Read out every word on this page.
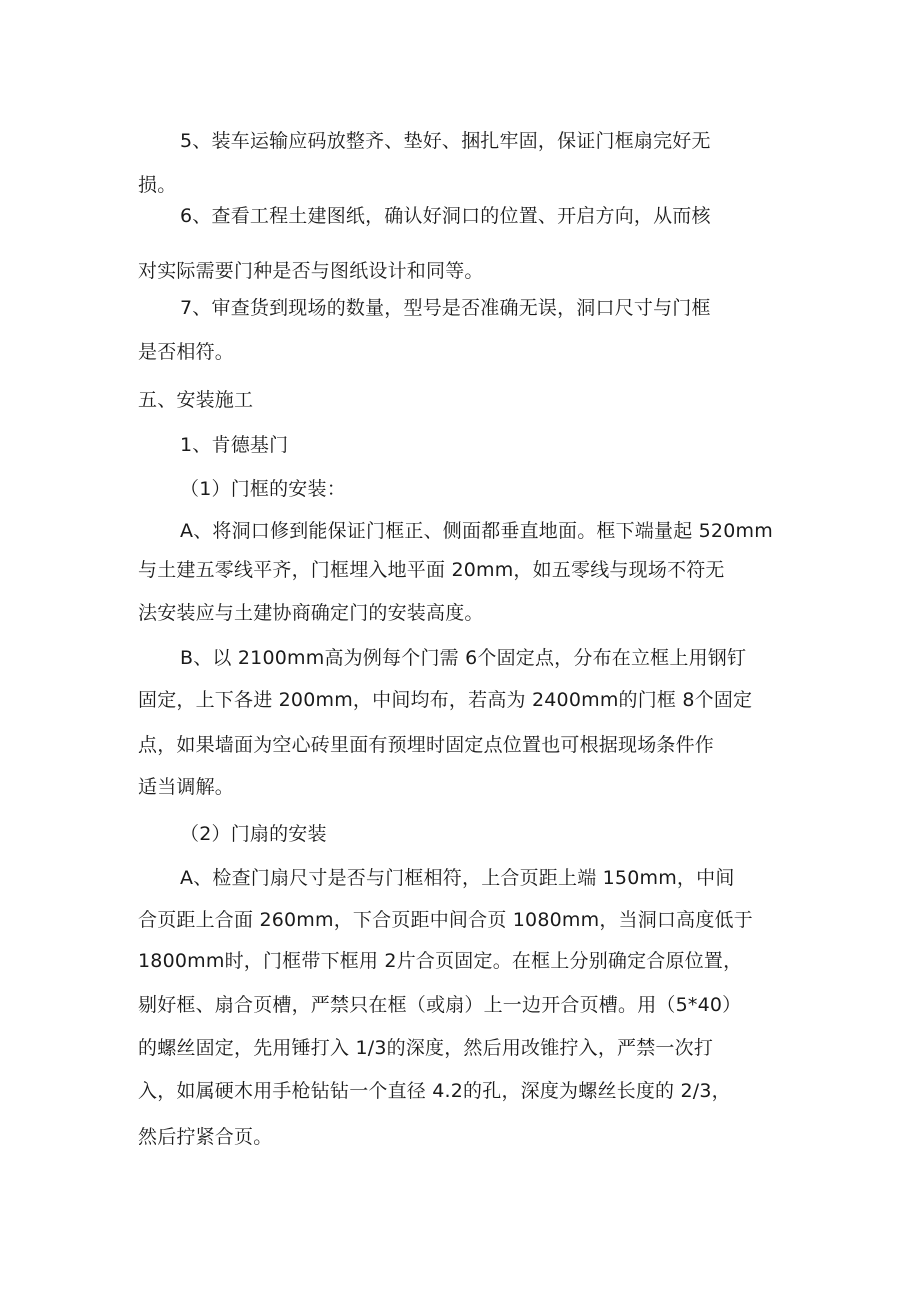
5、装车运输应码放整齐、垫好、捆扎牢固，保证门框扇完好无
损。
6、查看工程土建图纸，确认好洞口的位置、开启方向，从而核
对实际需要门种是否与图纸设计和同等。
7、审查货到现场的数量，型号是否准确无误，洞口尺寸与门框
是否相符。
五、安装施工
1、肯德基门
（1）门框的安装：
A、将洞口修到能保证门框正、侧面都垂直地面。框下端量起 520mm
与土建五零线平齐，门框埋入地平面 20mm，如五零线与现场不符无
法安装应与土建协商确定门的安装高度。
B、以 2100mm高为例每个门需 6个固定点，分布在立框上用钢钉
固定，上下各进 200mm，中间均布，若高为 2400mm的门框 8个固定
点，如果墙面为空心砖里面有预埋时固定点位置也可根据现场条件作
适当调解。
（2）门扇的安装
A、检查门扇尺寸是否与门框相符，上合页距上端 150mm，中间
合页距上合面 260mm，下合页距中间合页 1080mm，当洞口高度低于
1800mm时，门框带下框用 2片合页固定。在框上分别确定合原位置，
剔好框、扇合页槽，严禁只在框（或扇）上一边开合页槽。用（5*40）
的螺丝固定，先用锤打入 1/3的深度，然后用改锥拧入，严禁一次打
入，如属硬木用手枪钻钻一个直径 4.2的孔，深度为螺丝长度的 2/3，
然后拧紧合页。
